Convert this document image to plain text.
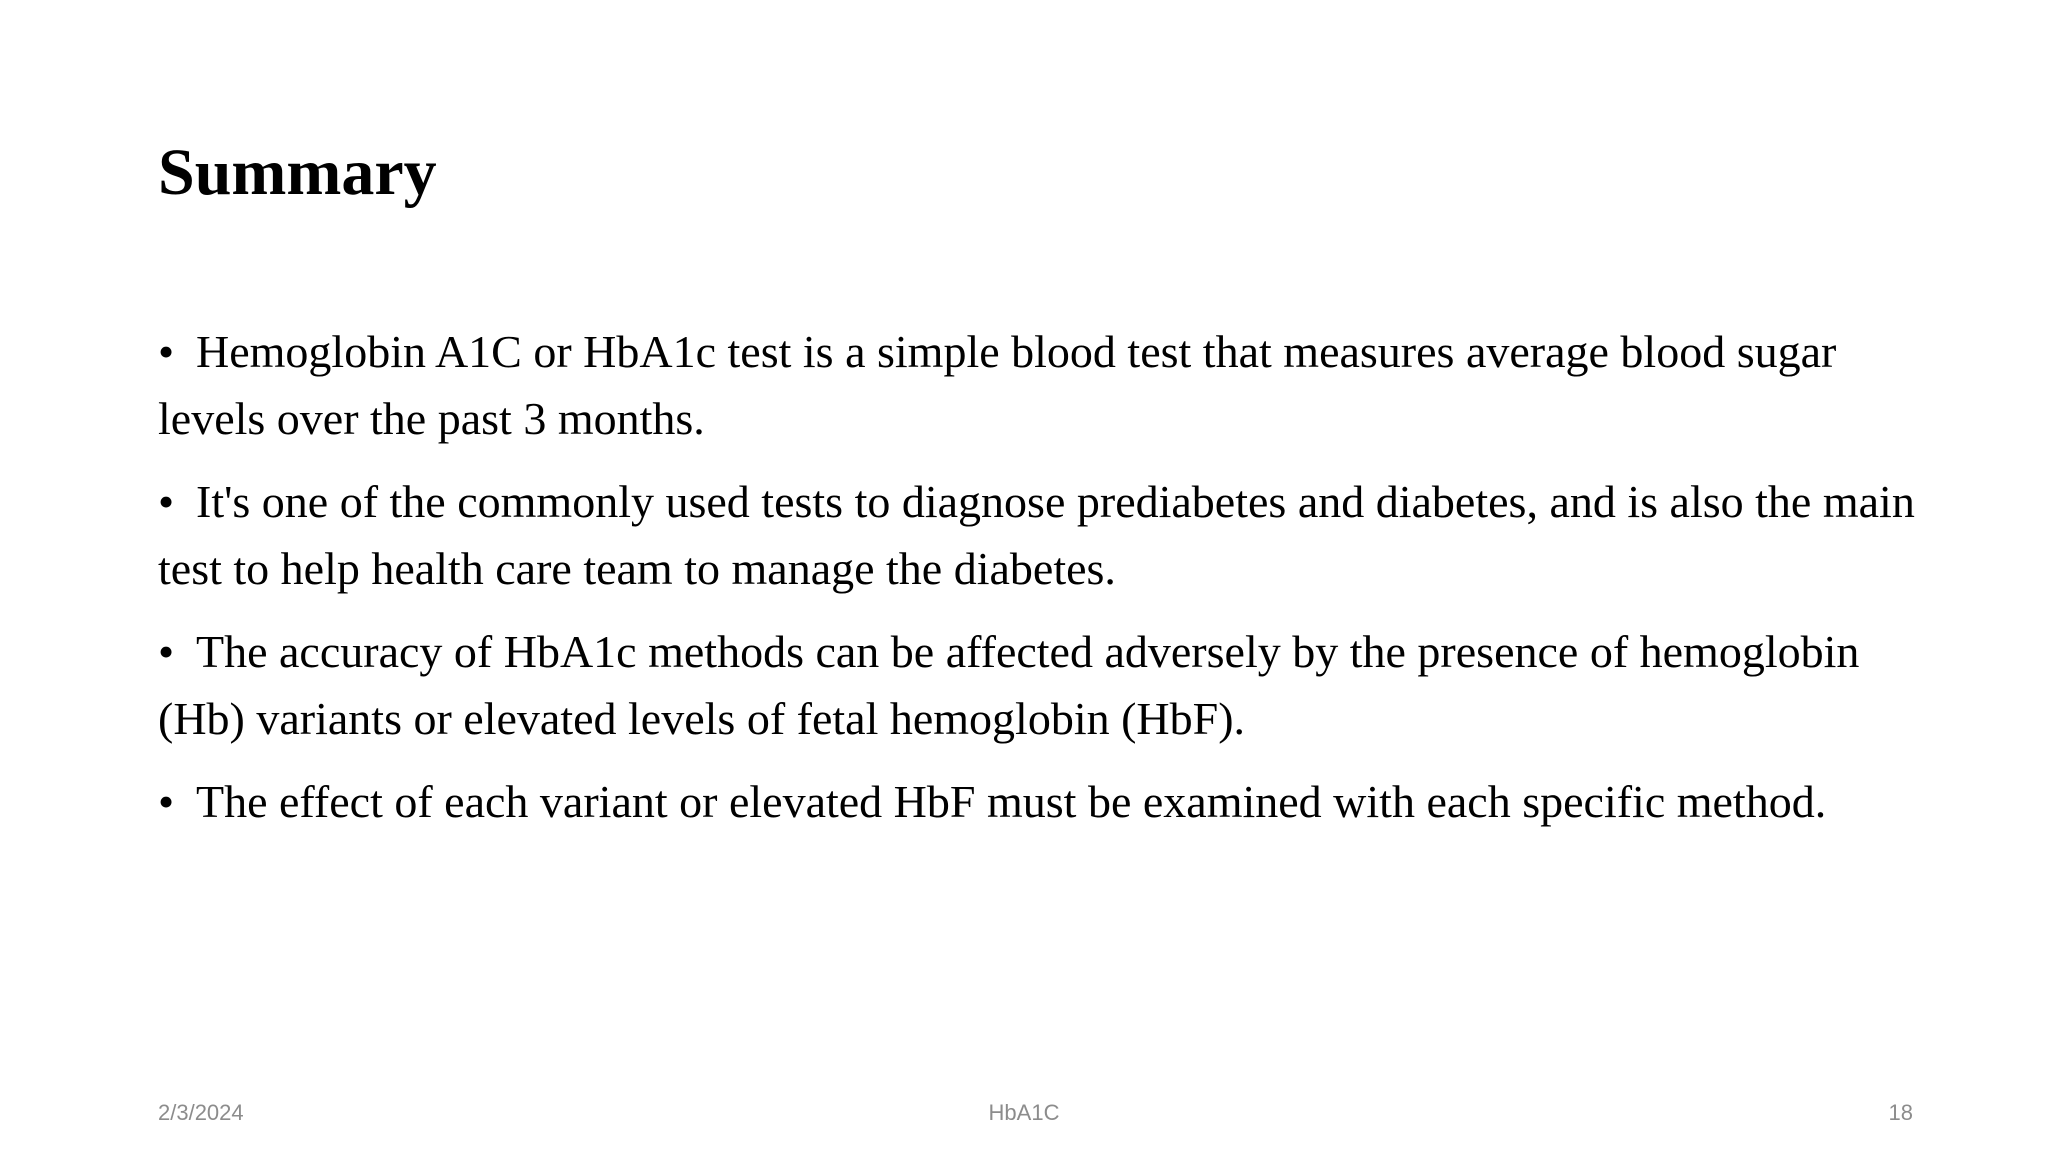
Summary
• Hemoglobin A1C or HbA1c test is a simple blood test that measures average blood sugar levels over the past 3 months.
• It's one of the commonly used tests to diagnose prediabetes and diabetes, and is also the main test to help health care team to manage the diabetes.
• The accuracy of HbA1c methods can be affected adversely by the presence of hemoglobin (Hb) variants or elevated levels of fetal hemoglobin (HbF).
• The effect of each variant or elevated HbF must be examined with each specific method.
2/3/2024	HbA1C	18
